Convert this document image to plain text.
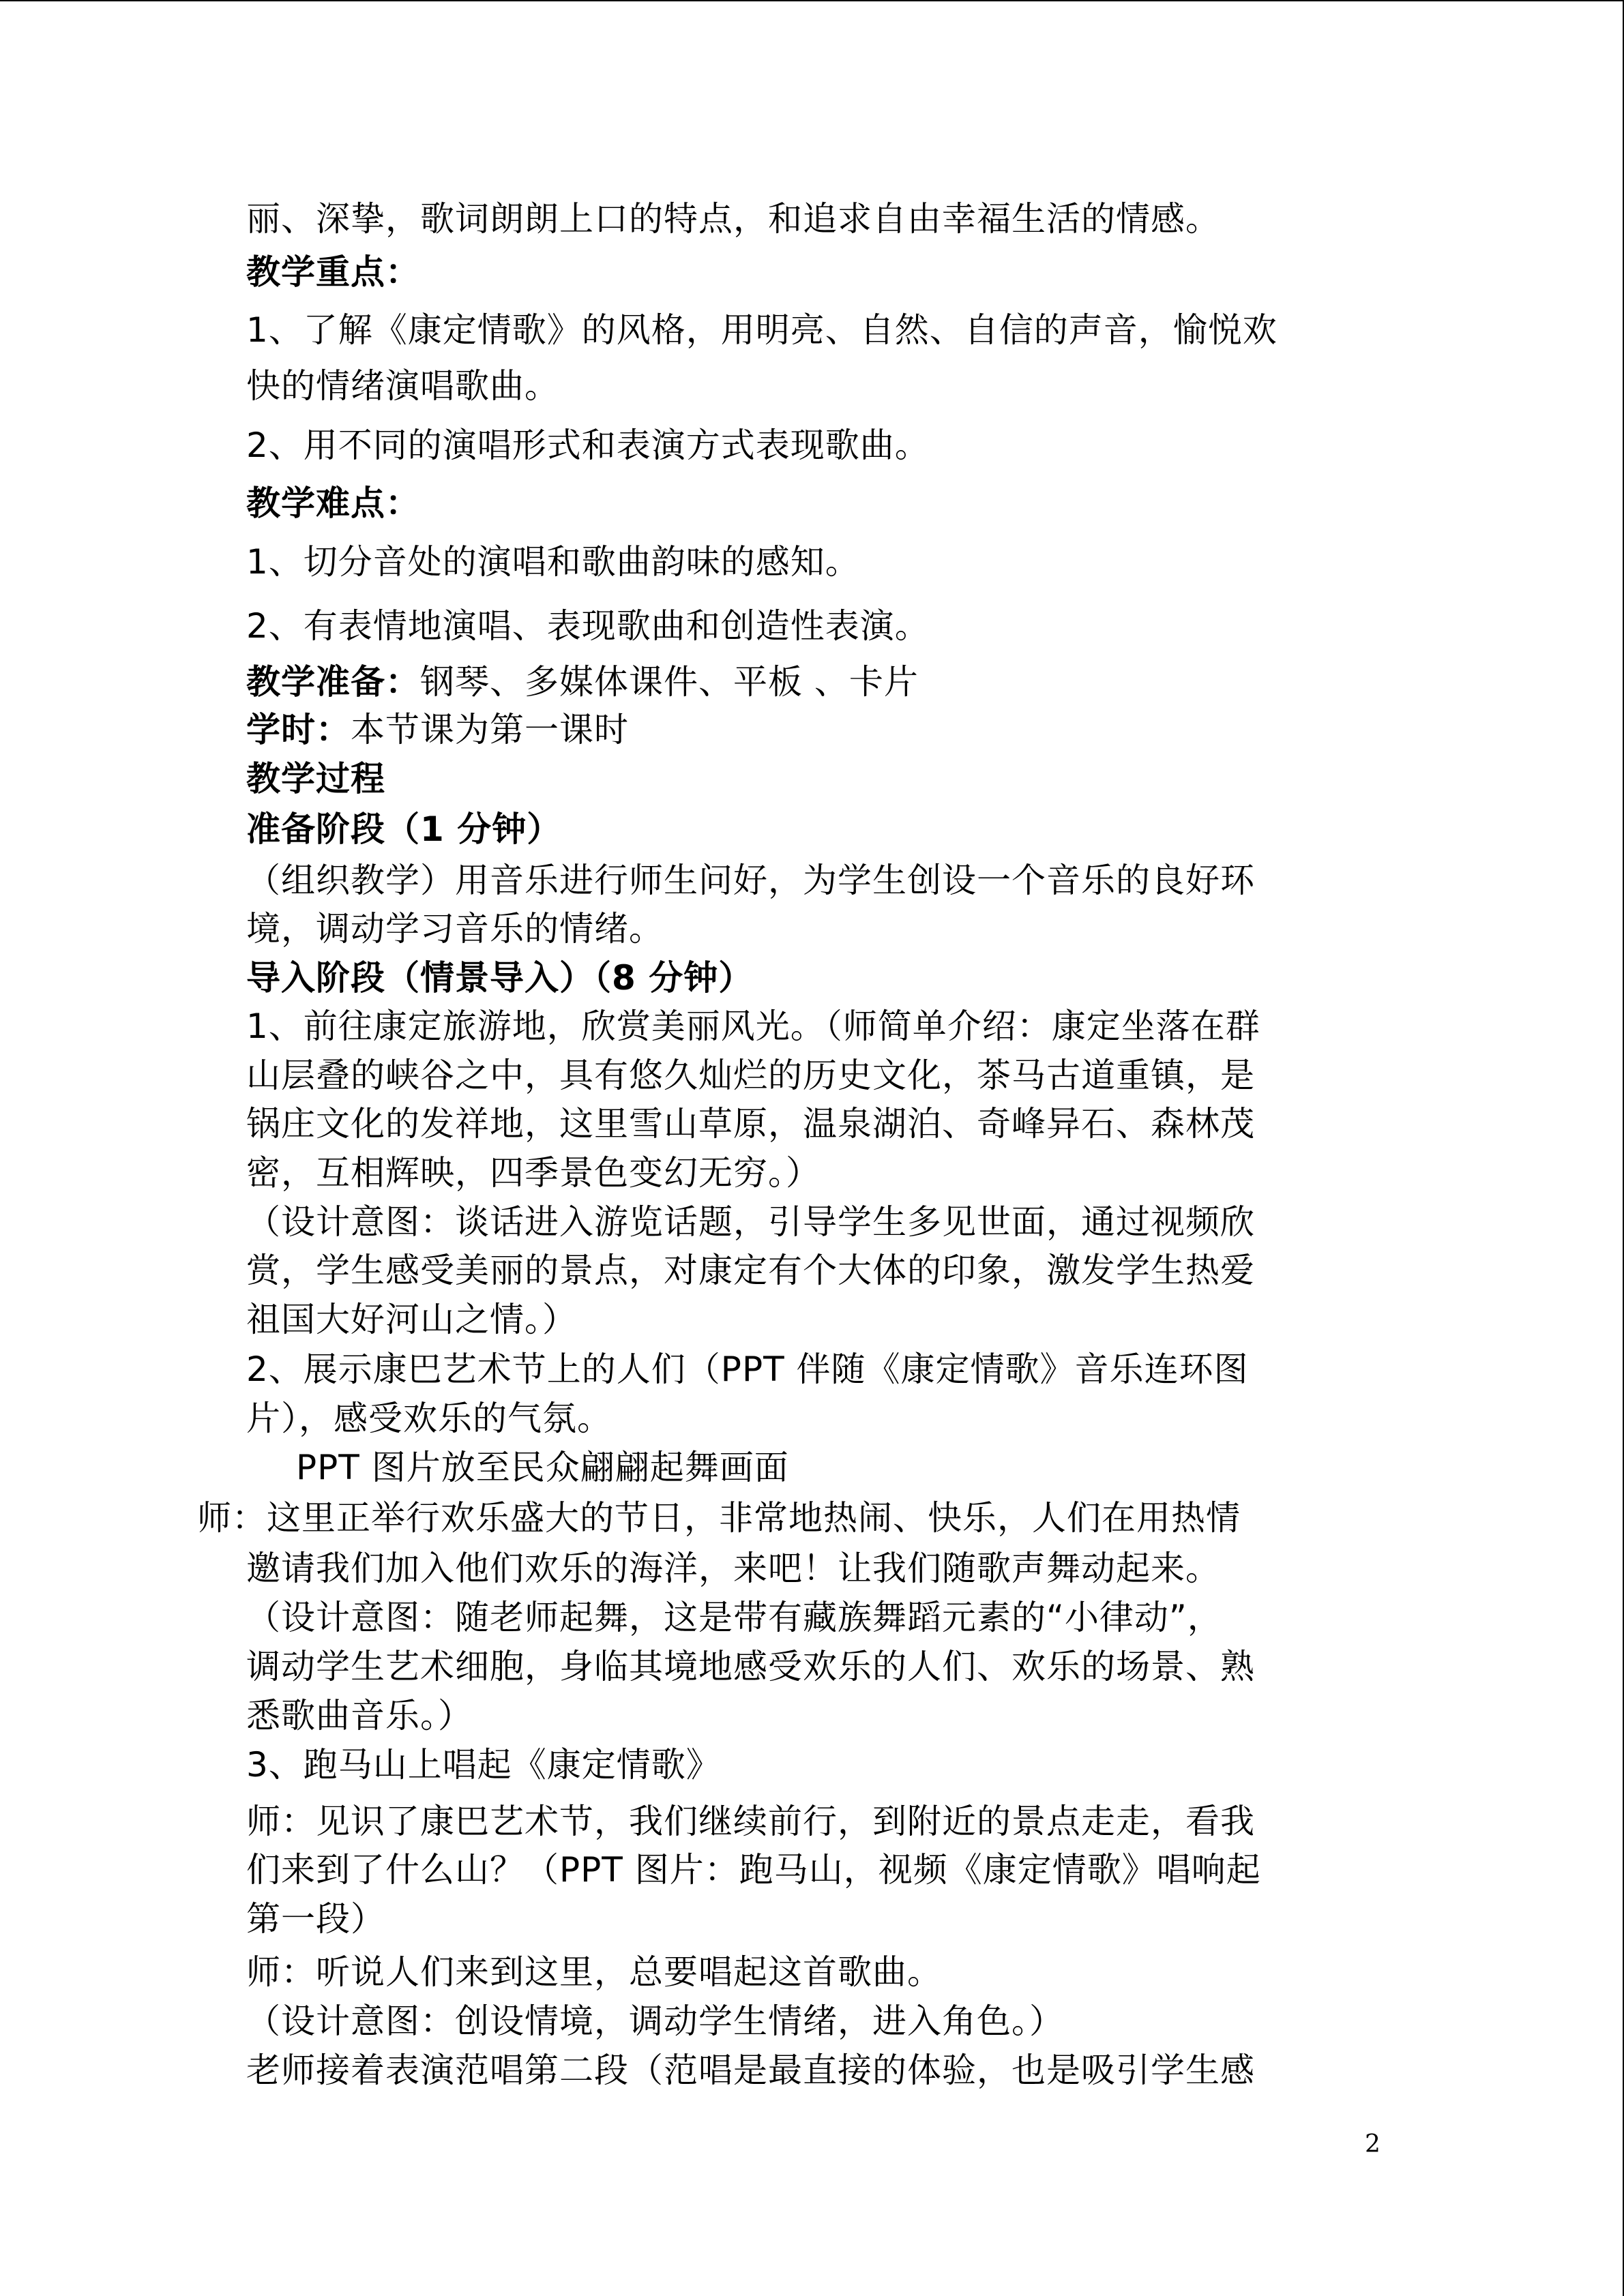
丽、深挚，歌词朗朗上口的特点，和追求自由幸福生活的情感。
教学重点：
1、了解《康定情歌》的风格，用明亮、自然、自信的声音，愉悦欢
快的情绪演唱歌曲。
2、用不同的演唱形式和表演方式表现歌曲。
教学难点：
1、切分音处的演唱和歌曲韵味的感知。
2、有表情地演唱、表现歌曲和创造性表演。
教学准备：钢琴、多媒体课件、平板 、卡片
学时：本节课为第一课时
教学过程
准备阶段（1 分钟）
（组织教学）用音乐进行师生问好，为学生创设一个音乐的良好环
境，调动学习音乐的情绪。
导入阶段（情景导入）（8 分钟）
1、前往康定旅游地，欣赏美丽风光。（师简单介绍：康定坐落在群
山层叠的峡谷之中，具有悠久灿烂的历史文化，茶马古道重镇，是
锅庄文化的发祥地，这里雪山草原，温泉湖泊、奇峰异石、森林茂
密，互相辉映，四季景色变幻无穷。）
（设计意图：谈话进入游览话题，引导学生多见世面，通过视频欣
赏，学生感受美丽的景点，对康定有个大体的印象，激发学生热爱
祖国大好河山之情。）
2、展示康巴艺术节上的人们（PPT 伴随《康定情歌》音乐连环图
片），感受欢乐的气氛。
PPT 图片放至民众翩翩起舞画面
师：这里正举行欢乐盛大的节日，非常地热闹、快乐，人们在用热情
邀请我们加入他们欢乐的海洋，来吧！让我们随歌声舞动起来。
（设计意图：随老师起舞，这是带有藏族舞蹈元素的“小律动”，
调动学生艺术细胞，身临其境地感受欢乐的人们、欢乐的场景、熟
悉歌曲音乐。）
3、跑马山上唱起《康定情歌》
师：见识了康巴艺术节，我们继续前行，到附近的景点走走，看我
们来到了什么山？（PPT 图片：跑马山，视频《康定情歌》唱响起
第一段）
师：听说人们来到这里，总要唱起这首歌曲。
（设计意图：创设情境，调动学生情绪，进入角色。）
老师接着表演范唱第二段（范唱是最直接的体验，也是吸引学生感
2
